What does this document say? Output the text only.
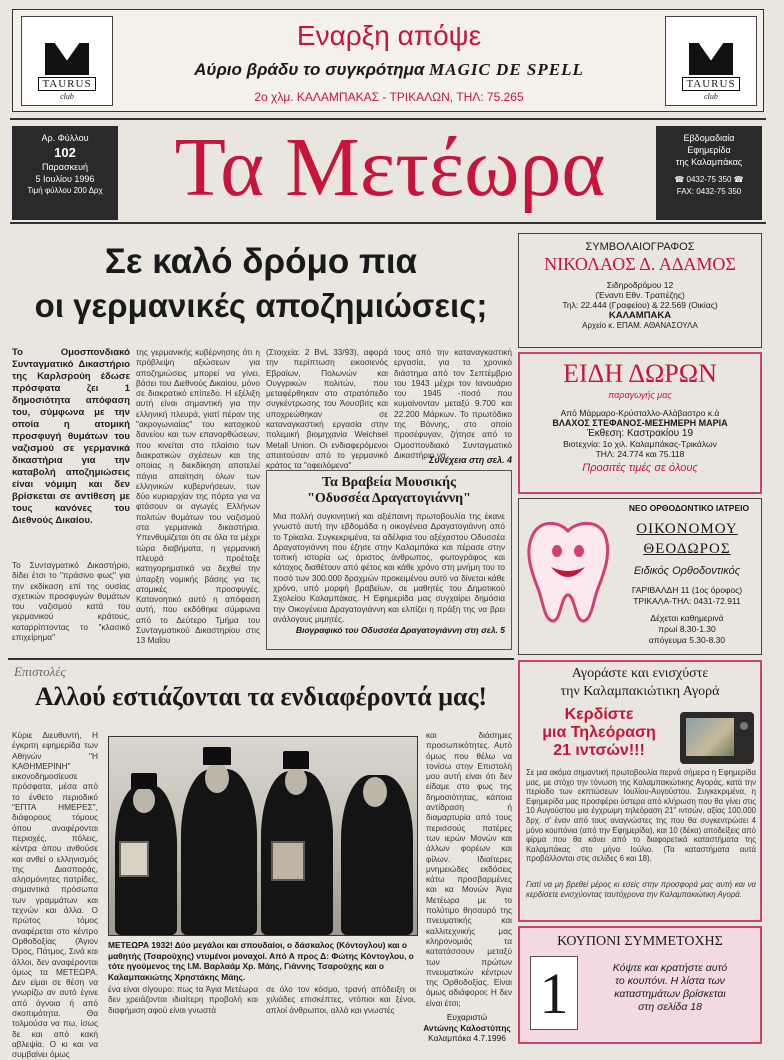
TAURUS
club
TAURUS
club
Εναρξη απόψε
Αύριο βράδυ το συγκρότημα MAGIC DE SPELL
2ο χλμ. ΚΑΛΑΜΠΑΚΑΣ - ΤΡΙΚΑΛΩΝ, ΤΗΛ: 75.265
Αρ. Φύλλου
102
Παρασκευή
5 Ιουλίου 1996
Τιμή φύλλου 200 Δρχ Τα Μετέωρα	Εβδομαδιαία
Εφημερίδα
της Καλαμπάκας
☎ 0432-75 350 ☎
FAX: 0432-75 350
Σε καλό δρόμο πια
οι γερμανικές αποζημιώσεις;
Το Ομοσπονδιακό Συνταγματικό Δικαστήριο της Καρλσρούη έδωσε πρόσφατα ζει 1 δημοσιότητα απόφαση του, σύμφωνα με την οποία η ατομική προσφυγή θυμάτων του ναζισμού σε γερμανικά δικαστήρια για την καταβολή αποζημιώσεις είναι νόμιμη και δεν βρίσκεται σε αντίθεση με τους κανόνες του Διεθνούς Δικαίου.
Το Συνταγματικό Δικαστήριο, δίδει έτσι το "πράσινο φως" για την εκδίκαση επί της ουσίας σχετικών προσφυγών θυμάτων του ναζισμού κατά του γερμανικού κράτους, καταρρίπτοντας το "κλασικό επιχείρημα"
της γερμανικής κυβέρνησης ότι η πρόβλεψη αξιώσεων για αποζημιώσεις μπορεί να γίνει, βάσει του Διεθνούς Δικαίου, μόνο σε διακρατικό επίπεδο. Η εξέλιξη αυτή είναι σημαντική για την ελληνική πλευρά, γιατί πέραν της "ακρογωνιαίας" του κατοχικού δανείου και των επανορθώσεων, που κινείται στο πλαίσιο των διακρατικών σχέσεων και της οποίας η διεκδίκηση αποτελεί πάγια απαίτηση όλων των ελληνικών κυβερνήσεων, των δύο κυριαρχίαν της πόρτα για να φτάσουν οι αγωγές Ελλήνων πολιτών θυμάτων του ναζισμού στα γερμανικά δικαστήρια. Υπενθυμίζεται ότι σε όλα τα μέχρι τώρα διαβήματα, η γερμανική πλευρά προέταξε κατηγορηματικά να δεχθεί την ύπαρξη νομικής βάσης για τις ατομικές προσφυγές. Κατανοητικό αυτό η απόφαση αυτή, που εκδόθηκε σύμφωνα από το Δεύτερο Τμήμα του Συνταγματικού Δικαστηρίου στις 13 Μαΐου
(Στοιχεία: 2 BvL 33/93), αφορά την περίπτωση εικοσιενός Εβραίων, Πολωνών και Ουγγρικών πολιτών, που μεταφέρθηκαν στο στρατόπεδο συγκέντρωσης του Άουσβιτς και υποχρεώθηκαν σε καταναγκαστική εργασία στην πολεμική βιομηχανία Weichsel Metall Union. Οι ενδιαφερόμενοι απαιτούσαν από το γερμανικό κράτος τα "οφειλόμενα"
τους από την καταναγκαστική εργασία, για το χρονικό διάστημα από τον Σεπτέμβριο του 1943 μέχρι τον Ιανουάριο του 1945 -ποσό που κυμαίνονταν μεταξύ 9.700 και 22.200 Μάρκων. Το πρωτόδικο της Βόννης, στο οποίο προσέφυγαν, ζήτησε από το Ομοσπονδιακό Συνταγματικό Δικαστήριο να
Συνέχεια στη σελ. 4
Τα Βραβεία Μουσικής
"Οδυσσέα Δραγατογιάννη"
Μια πολλή συγκινητική και αξιέπαινη πρωτοβουλία της έκανε γνωστό αυτή την εβδομάδα η οικογένεια Δραγατογιάννη από το Τρίκαλα. Συγκεκριμένα, τα αδέλφια του αξέχαστου Οδυσσέα Δραγατογιάννη που έζησε στην Καλαμπάκα και πέρασε στην τοπική ιστορία ως άριστος άνθρωπος, φωτογράφος και κάτοχος διαθέτουν από φέτος και κάθε χρόνο στη μνήμη του το ποσό των 300.000 δραχμών προκειμένου αυτό να δίνεται κάθε χρόνο, υπό μορφή βραβείων, σε μαθητές του Δημοτικού Σχολείου Καλαμπάκας. Η Εφημερίδα μας συγχαίρει δημόσια την Οικογένεια Δραγατογιάννη και ελπίζει η πράξη της να βρει ανάλογους μιμητές.
Βιογραφικό του Οδυσσέα Δραγατογιάννη στη σελ. 5
ΣΥΜΒΟΛΑΙΟΓΡΑΦΟΣ
ΝΙΚΟΛΑΟΣ Δ. ΑΔΑΜΟΣ
Σιδηροδρόμου 12
(Έναντι Εθν. Τραπέζης)
Τηλ: 22.444 (Γραφείου) & 22.569 (Οικίας)
ΚΑΛΑΜΠΑΚΑ
Αρχείο κ. ΕΠΑΜ. ΑΘΑΝΑΣΟΥΛΑ
ΕΙΔΗ ΔΩΡΩΝ
παραγωγής μας
Από Μάρμαρο-Κρύσταλλο-Αλάβαστρο κ.ά
ΒΛΑΧΟΣ ΣΤΕΦΑΝΟΣ-ΜΕΣΗΜΕΡΗ ΜΑΡΙΑ
Έκθεση: Καστρακίου 19
Βιοτεχνία: 1ο χιλ. Καλαμπάκας-Τρικάλων
ΤΗΛ: 24.774 και 75.118
Προσιτές τιμές σε όλους
ΝΕΟ ΟΡΘΟΔΟΝΤΙΚΟ ΙΑΤΡΕΙΟ
ΟΙΚΟΝΟΜΟΥ
ΘΕΟΔΩΡΟΣ
Ειδικός Ορθοδοντικός
ΓΑΡΙΒΑΛΔΗ 11 (1ος όροφος)
ΤΡΙΚΑΛΑ-ΤΗΛ: 0431-72.911
Δέχεται καθημερινά
πρωί 8.30-1.30
απόγευμα 5.30-8.30
Αγοράστε και ενισχύστε
την Καλαμπακιώτικη Αγορά
Κερδίστε
μια Τηλεόραση
21 ιντσών!!!
Σε μια ακόμα σημαντική πρωτοβουλία περνά σήμερα η Εφημερίδα μας, με στόχο την τόνωση της Καλαμπακιώτικης Αγοράς, κατά την περίοδο των εκπτώσεων Ιουλίου-Αυγούστου. Συγκεκριμένα, η Εφημερίδα μας προσφέρει ύστερα από κλήρωση που θα γίνει στις 10 Αυγούστου μια έγχρωμη τηλεόραση 21" ιντσών, αξίας 100.000 δρχ. σ' έναν από τους αναγνώστες της που θα συγκεντρώσει 4 μόνο κουπόνια (από την Εφημερίδα), και 10 (δέκα) αποδείξεις από φίρμα που θα κάνει από το διαφορετικά καταστήματα της Καλαμπάκας στο μήνα Ιούλιο. (Τα καταστήματα αυτά προβάλλονται στις σελίδες 6 και 18).
Γιατί να μη βρεθεί μέρος κι εσείς στην προσφορά μας αυτή και να κερδίσετε ενισχύοντας ταυτόχρονα την Καλαμπακιώτικη Αγορά.
ΚΟΥΠΟΝΙ ΣΥΜΜΕΤΟΧΗΣ
1	Κόψτε και κρατήστε αυτό
το κουπόνι. Η λίστα των
καταστημάτων βρίσκεται
στη σελίδα 18
Επιστολές
Αλλού εστιάζονται τα ενδιαφέροντά μας!
Κύριε Διευθυντή, Η έγκριτη εφημερίδα των Αθηνών "Η ΚΑΘΗΜΕΡΙΝΗ" εικονοδημοσίευσε πρόσφατα, μέσα από το ένθετο περιοδικό "ΕΠΤΑ ΗΜΕΡΕΣ", διάφορους τόμους όπου αναφέρονται περιοχές, πόλεις, κέντρα όπου ανθούσε και ανθεί ο ελληνισμός της Διασποράς, αλησμόνητες πατρίδες, σημαντικά πρόσωπα των γραμμάτων και τεχνών και άλλα. Ο πρώτος τόμος αναφέρεται στο κέντρο Ορθοδοξίας (Άγιον Όρος, Πάτμος, Σινά και άλλοι, δεν αναφέρονται όμως τα ΜΕΤΕΩΡΑ. Δεν είμαι σε θέση να γνωρίζω αν αυτό έγινε από άγνοια ή από σκοπιμότητα. Θα τολμούσα να πω, ίσως δε και από κακή αβλεψία. Ο κι και να συμβαίνει όμως
ΜΕΤΕΩΡΑ 1932! Δύο μεγάλοι και σπουδαίοι, ο δάσκαλος (Κόντογλου) και ο μαθητής (Τσαρούχης) ντυμένοι μοναχοί. Από Α προς Δ: Φώτης Κόντογλου, ο τότε ηγούμενος της Ι.Μ. Βαρλαάμ Χρ. Μάης, Γιάννης Τσαρούχης και ο Καλαμπακιώτης Χρηστάκης Μάης.
ένα είναι σίγουρο: πως τα Άγια Μετέωρα δεν χρειάζονται ιδιαίτερη προβολή και διαφήμιση αφού είναι γνωστά
σε όλο τον κόσμο, τρανή απόδειξη οι χιλιάδες επισκέπτες, ντόπιοι και ξένοι, απλοί άνθρωποι, αλλά και γνωστές
και διάσημες προσωπικότητες. Αυτό όμως που θέλω να τονίσω στην Επιστολή μου αυτή είναι ότι δεν είδαμε στο φως της δημοσιότητας, κάποια αντίδραση ή διαμαρτυρία από τους περισσούς πατέρες των ιερών Μονών και άλλων φορέων και φίλων. Ιδιαίτερες μνημειώδες εκδόσεις κάτω προσβαρμένες και κα Μονών Άγια Μετέωρα με το πολύτιμο θησαυρό της πνευματικής και καλλιτεχνικής μας κληρονομιάς τα κατατάσσουν μεταξύ των πρώτων πνευματικών κέντρων της Ορθοδοξίας. Είναι όμως αδιάφοροι; Η δεν είναι έτσι;
Ευχαριστώ
Αντώνης Καλοστύπης
Καλαμπάκα 4.7.1996
